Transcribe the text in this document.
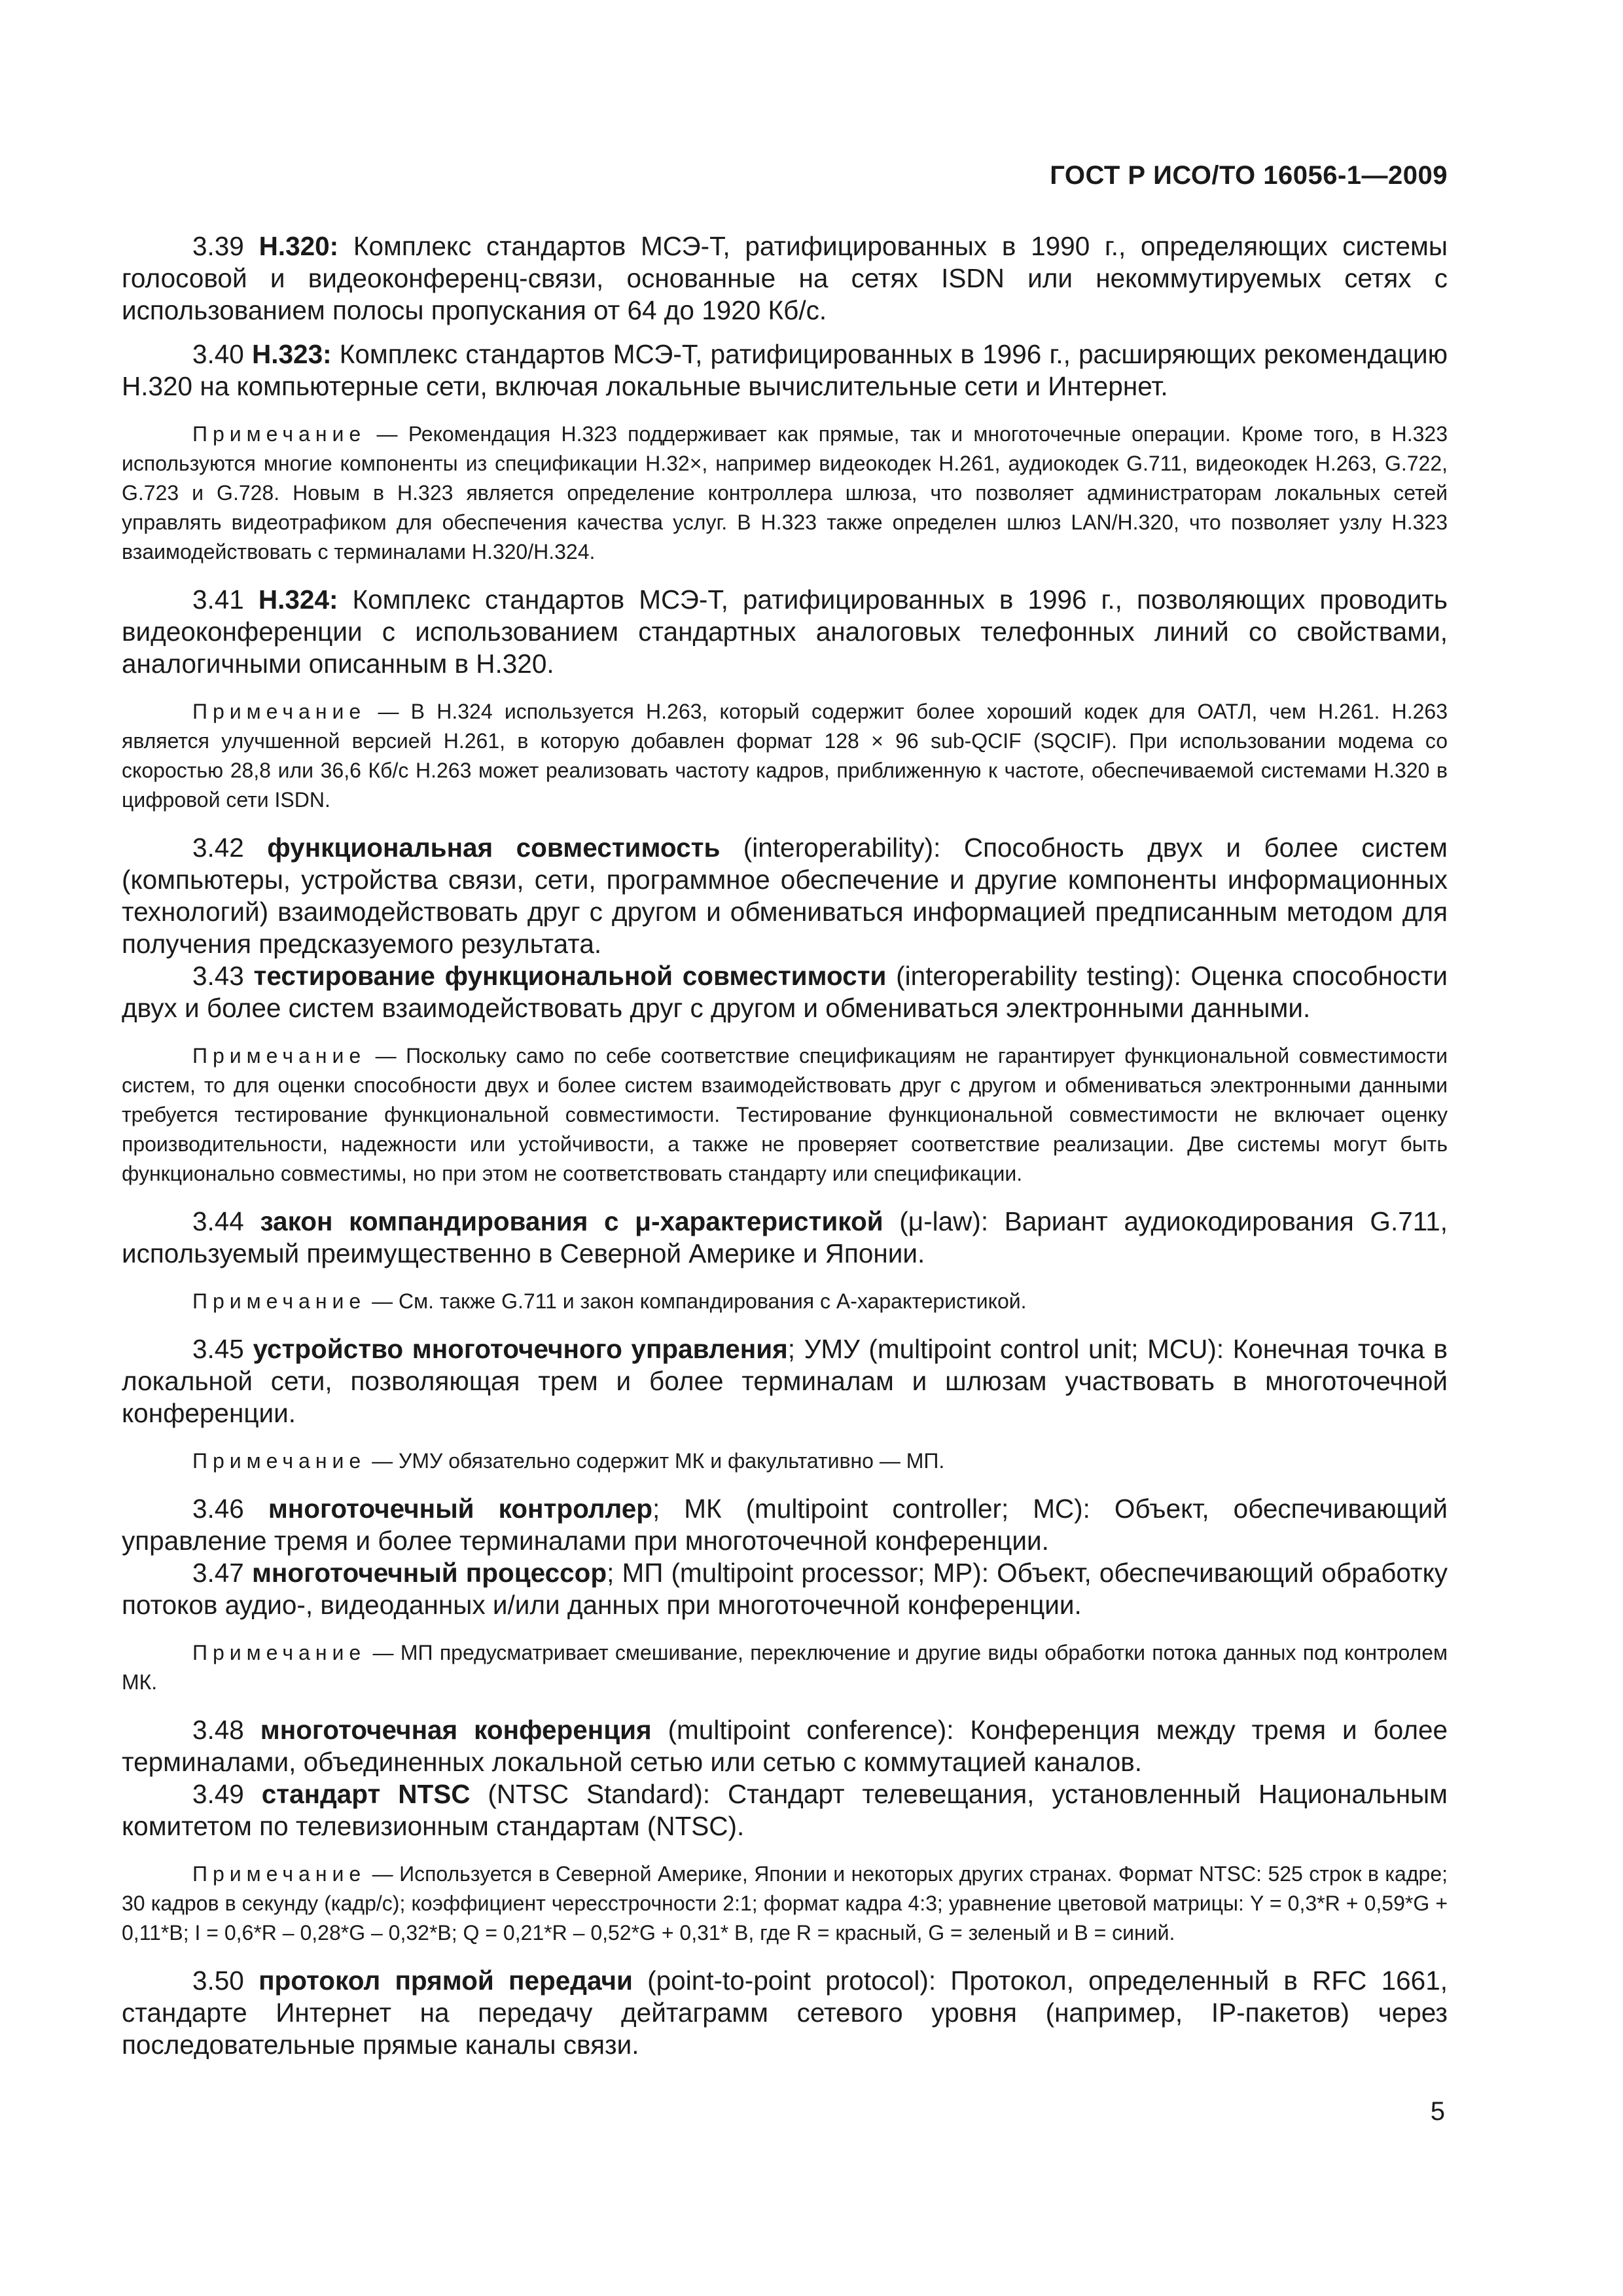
ГОСТ Р ИСО/ТО 16056-1—2009

3.39 H.320: Комплекс стандартов МСЭ-Т, ратифицированных в 1990 г., определяющих системы голосовой и видеоконференц-связи, основанные на сетях ISDN или некоммутируемых сетях с использованием полосы пропускания от 64 до 1920 Кб/с.

3.40 H.323: Комплекс стандартов МСЭ-Т, ратифицированных в 1996 г., расширяющих рекомендацию Н.320 на компьютерные сети, включая локальные вычислительные сети и Интернет.

Примечание — Рекомендация Н.323 поддерживает как прямые, так и многоточечные операции. Кроме того, в Н.323 используются многие компоненты из спецификации Н.32×, например видеокодек Н.261, аудиокодек G.711, видеокодек Н.263, G.722, G.723 и G.728. Новым в Н.323 является определение контроллера шлюза, что позволяет администраторам локальных сетей управлять видеотрафиком для обеспечения качества услуг. В Н.323 также определен шлюз LAN/H.320, что позволяет узлу Н.323 взаимодействовать с терминалами Н.320/Н.324.

3.41 H.324: Комплекс стандартов МСЭ-Т, ратифицированных в 1996 г., позволяющих проводить видеоконференции с использованием стандартных аналоговых телефонных линий со свойствами, аналогичными описанным в Н.320.

Примечание — В Н.324 используется Н.263, который содержит более хороший кодек для ОАТЛ, чем Н.261. Н.263 является улучшенной версией Н.261, в которую добавлен формат 128 × 96 sub-QCIF (SQCIF). При использовании модема со скоростью 28,8 или 36,6 Кб/с Н.263 может реализовать частоту кадров, приближенную к частоте, обеспечиваемой системами Н.320 в цифровой сети ISDN.

3.42 функциональная совместимость (interoperability): Способность двух и более систем (компьютеры, устройства связи, сети, программное обеспечение и другие компоненты информационных технологий) взаимодействовать друг с другом и обмениваться информацией предписанным методом для получения предсказуемого результата.

3.43 тестирование функциональной совместимости (interoperability testing): Оценка способности двух и более систем взаимодействовать друг с другом и обмениваться электронными данными.

Примечание — Поскольку само по себе соответствие спецификациям не гарантирует функциональной совместимости систем, то для оценки способности двух и более систем взаимодействовать друг с другом и обмениваться электронными данными требуется тестирование функциональной совместимости. Тестирование функциональной совместимости не включает оценку производительности, надежности или устойчивости, а также не проверяет соответствие реализации. Две системы могут быть функционально совместимы, но при этом не соответствовать стандарту или спецификации.

3.44 закон компандирования с μ-характеристикой (μ-law): Вариант аудиокодирования G.711, используемый преимущественно в Северной Америке и Японии.

Примечание — См. также G.711 и закон компандирования с А-характеристикой.

3.45 устройство многоточечного управления; УМУ (multipoint control unit; MCU): Конечная точка в локальной сети, позволяющая трем и более терминалам и шлюзам участвовать в многоточечной конференции.

Примечание — УМУ обязательно содержит МК и факультативно — МП.

3.46 многоточечный контроллер; МК (multipoint controller; MC): Объект, обеспечивающий управление тремя и более терминалами при многоточечной конференции.

3.47 многоточечный процессор; МП (multipoint processor; MP): Объект, обеспечивающий обработку потоков аудио-, видеоданных и/или данных при многоточечной конференции.

Примечание — МП предусматривает смешивание, переключение и другие виды обработки потока данных под контролем МК.

3.48 многоточечная конференция (multipoint conference): Конференция между тремя и более терминалами, объединенных локальной сетью или сетью с коммутацией каналов.

3.49 стандарт NTSC (NTSC Standard): Стандарт телевещания, установленный Национальным комитетом по телевизионным стандартам (NTSC).

Примечание — Используется в Северной Америке, Японии и некоторых других странах. Формат NTSC: 525 строк в кадре; 30 кадров в секунду (кадр/с); коэффициент чересстрочности 2:1; формат кадра 4:3; уравнение цветовой матрицы: Y = 0,3*R + 0,59*G + 0,11*B; I = 0,6*R – 0,28*G – 0,32*B; Q = 0,21*R – 0,52*G + 0,31* B, где R = красный, G = зеленый и B = синий.

3.50 протокол прямой передачи (point-to-point protocol): Протокол, определенный в RFC 1661, стандарте Интернет на передачу дейтаграмм сетевого уровня (например, IP-пакетов) через последовательные прямые каналы связи.

5
